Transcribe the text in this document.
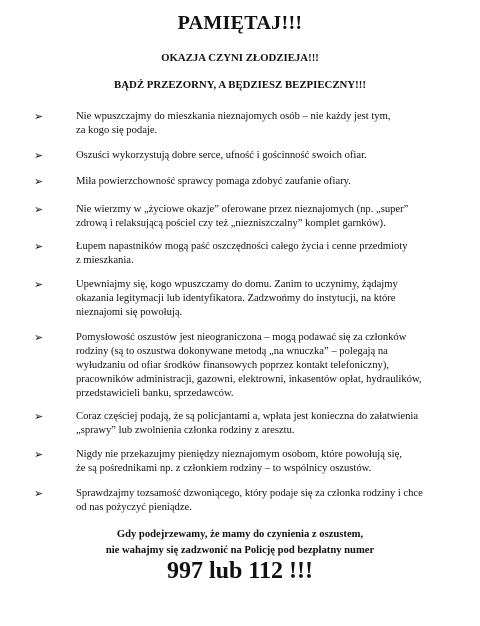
PAMIĘTAJ!!!
OKAZJA CZYNI ZŁODZIEJA!!!
BĄDŹ PRZEZORNY, A BĘDZIESZ BEZPIECZNY!!!
➢	Nie wpuszczajmy do mieszkania nieznajomych osób – nie każdy jest tym,
za kogo się podaje.
➢	Oszuści wykorzystują dobre serce, ufność i gościnność swoich ofiar.
➢	Miła powierzchowność sprawcy pomaga zdobyć zaufanie ofiary.
➢	Nie wierzmy w „życiowe okazje” oferowane przez nieznajomych (np. „super”
zdrową i relaksującą pościel czy też „niezniszczalny” komplet garnków).
➢	Łupem napastników mogą paść oszczędności całego życia i cenne przedmioty
z mieszkania.
➢	Upewniajmy się, kogo wpuszczamy do domu. Zanim to uczynimy, żądajmy
okazania legitymacji lub identyfikatora. Zadzwońmy do instytucji, na które
nieznajomi się powołują.
➢	Pomysłowość oszustów jest nieograniczona – mogą podawać się za członków
rodziny (są to oszustwa dokonywane metodą „na wnuczka” – polegają na
wyłudzaniu od ofiar środków finansowych poprzez kontakt telefoniczny),
pracowników administracji, gazowni, elektrowni, inkasentów opłat, hydraulików,
przedstawicieli banku, sprzedawców.
➢	Coraz częściej podają, że są policjantami a, wpłata jest konieczna do załatwienia
„sprawy” lub zwolnienia członka rodziny z aresztu.
➢	Nigdy nie przekazujmy pieniędzy nieznajomym osobom, które powołują się,
że są pośrednikami np. z członkiem rodziny – to wspólnicy oszustów.
➢	Sprawdzajmy tozsamość dzwoniącego, który podaje się za członka rodziny i chce
od nas pożyczyć pieniądze.
Gdy podejrzewamy, że mamy do czynienia z oszustem,
nie wahajmy się zadzwonić na Policję pod bezpłatny numer
997 lub 112 !!!
